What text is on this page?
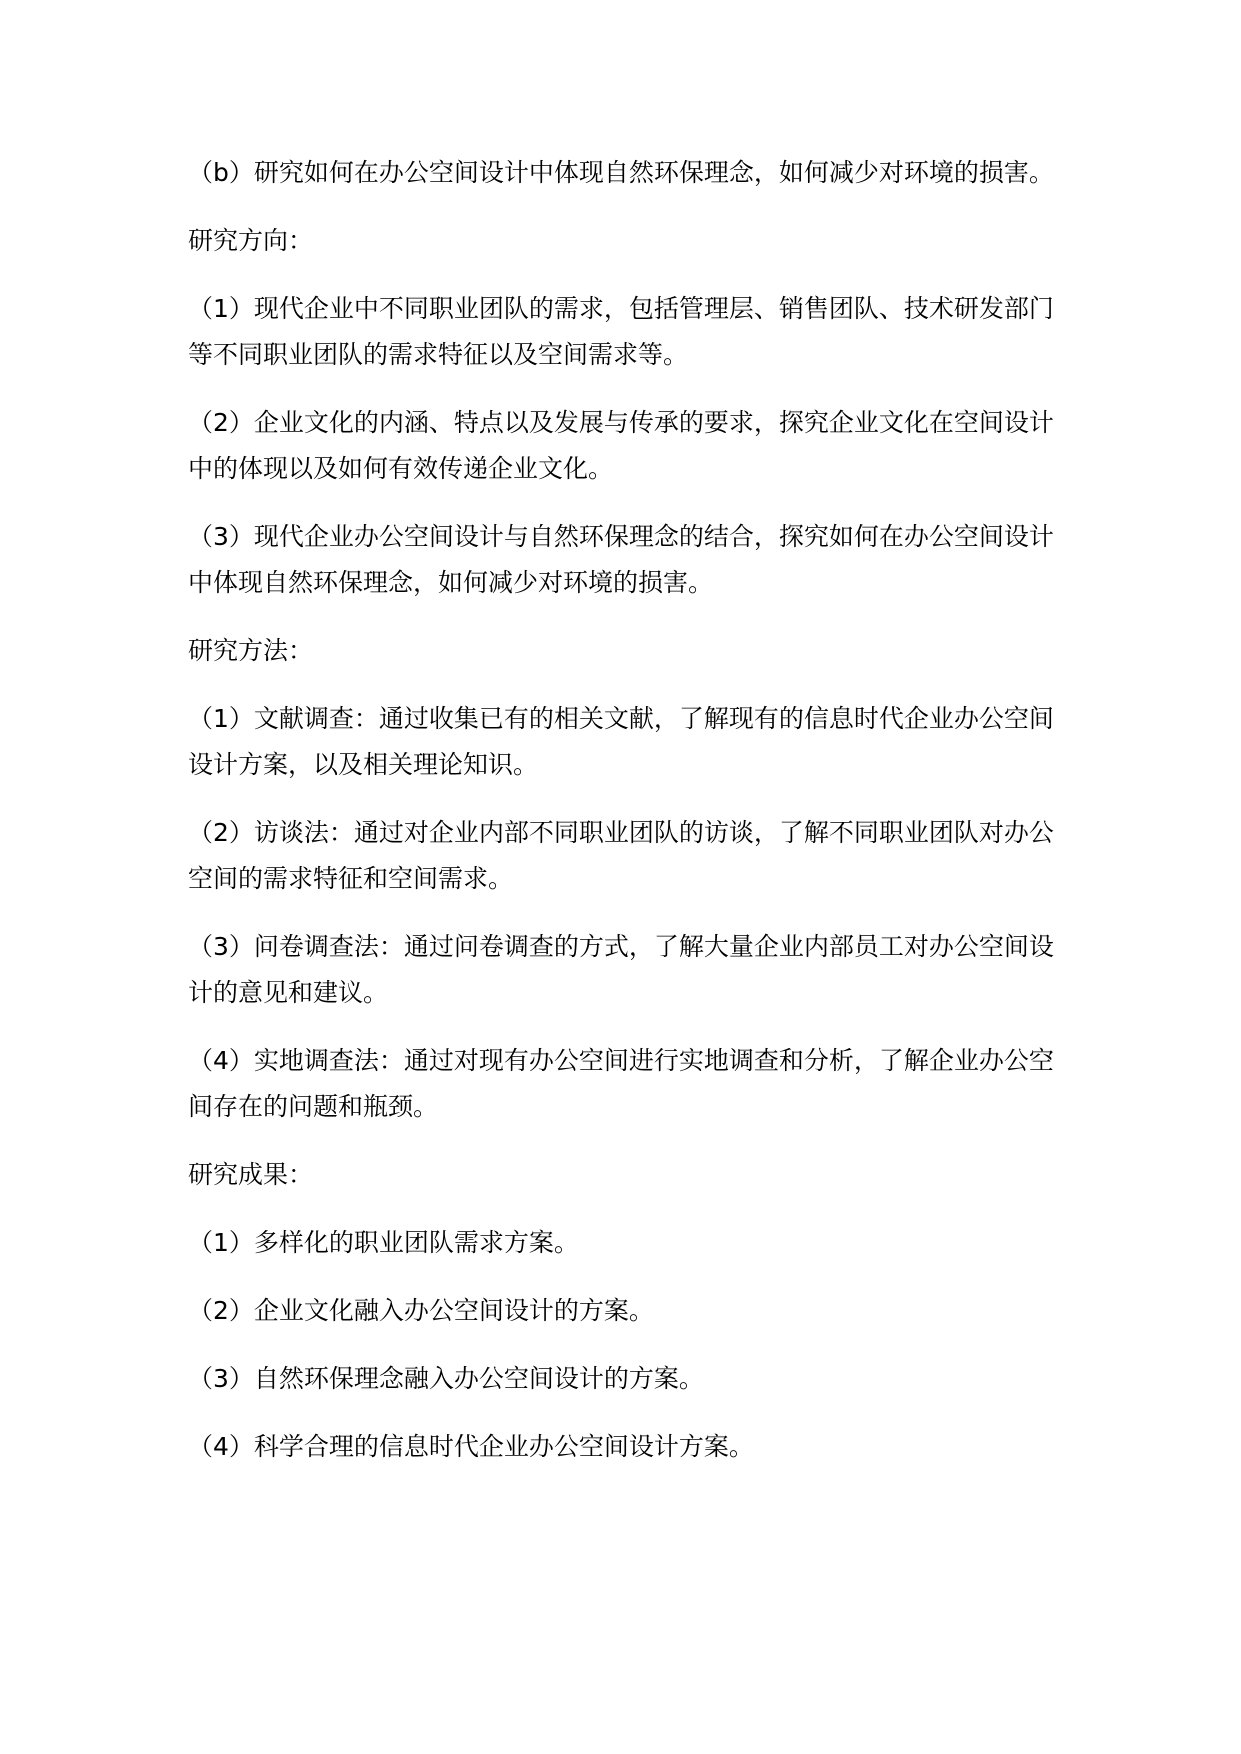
（b）研究如何在办公空间设计中体现自然环保理念，如何减少对环境的损害。

研究方向：

（1）现代企业中不同职业团队的需求，包括管理层、销售团队、技术研发部门等不同职业团队的需求特征以及空间需求等。

（2）企业文化的内涵、特点以及发展与传承的要求，探究企业文化在空间设计中的体现以及如何有效传递企业文化。

（3）现代企业办公空间设计与自然环保理念的结合，探究如何在办公空间设计中体现自然环保理念，如何减少对环境的损害。

研究方法：

（1）文献调查：通过收集已有的相关文献，了解现有的信息时代企业办公空间设计方案，以及相关理论知识。

（2）访谈法：通过对企业内部不同职业团队的访谈，了解不同职业团队对办公空间的需求特征和空间需求。

（3）问卷调查法：通过问卷调查的方式，了解大量企业内部员工对办公空间设计的意见和建议。

（4）实地调查法：通过对现有办公空间进行实地调查和分析，了解企业办公空间存在的问题和瓶颈。

研究成果：

（1）多样化的职业团队需求方案。

（2）企业文化融入办公空间设计的方案。

（3）自然环保理念融入办公空间设计的方案。

（4）科学合理的信息时代企业办公空间设计方案。
